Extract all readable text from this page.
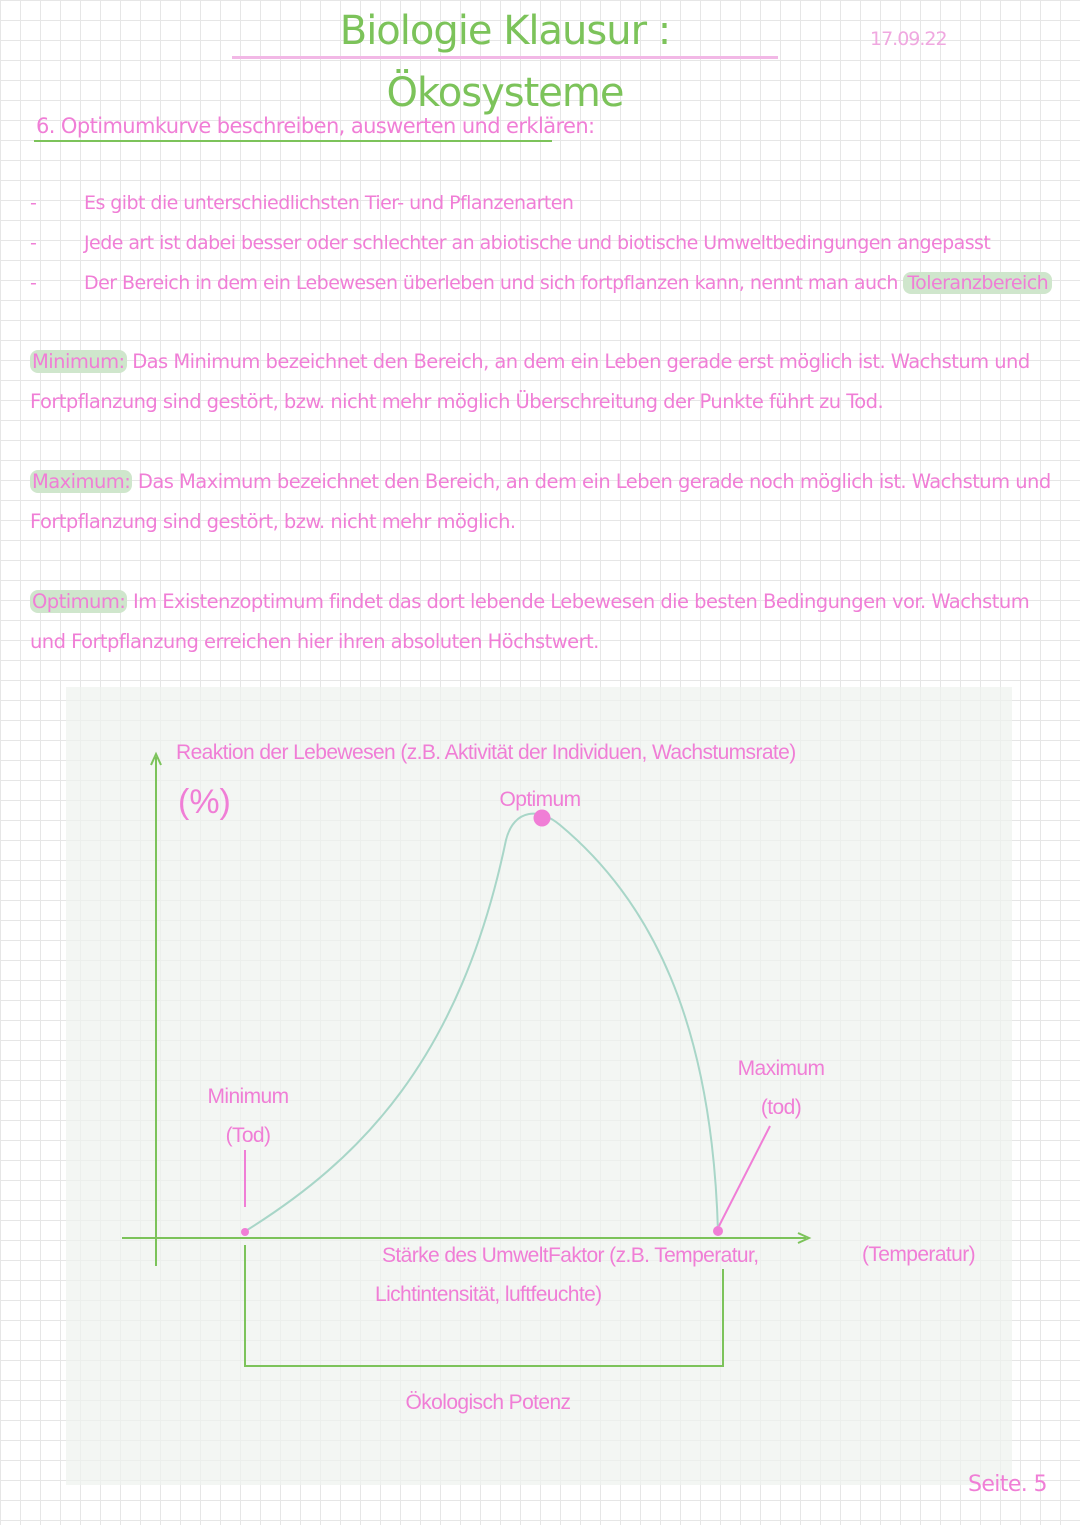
Biologie Klausur : Ökosysteme
17.09.22
6. Optimumkurve beschreiben, auswerten und erklären:
-	Es gibt die unterschiedlichsten Tier- und Pflanzenarten
-	Jede art ist dabei besser oder schlechter an abiotische und biotische Umweltbedingungen angepasst
-	Der Bereich in dem ein Lebewesen überleben und sich fortpflanzen kann, nennt man auch Toleranzbereich
Minimum: Das Minimum bezeichnet den Bereich, an dem ein Leben gerade erst möglich ist. Wachstum und Fortpflanzung sind gestört, bzw. nicht mehr möglich Überschreitung der Punkte führt zu Tod.
Maximum: Das Maximum bezeichnet den Bereich, an dem ein Leben gerade noch möglich ist. Wachstum und Fortpflanzung sind gestört, bzw. nicht mehr möglich.
Optimum: Im Existenzoptimum findet das dort lebende Lebewesen die besten Bedingungen vor. Wachstum und Fortpflanzung erreichen hier ihren absoluten Höchstwert.
Reaktion der Lebewesen (z.B. Aktivität der Individuen, Wachstumsrate)
(%)	Optimum
Minimum
(Tod)
Maximum
(tod)
Stärke des UmweltFaktor (z.B. Temperatur,
Lichtintensität, luftfeuchte)
(Temperatur)
Ökologisch Potenz
Seite. 5
